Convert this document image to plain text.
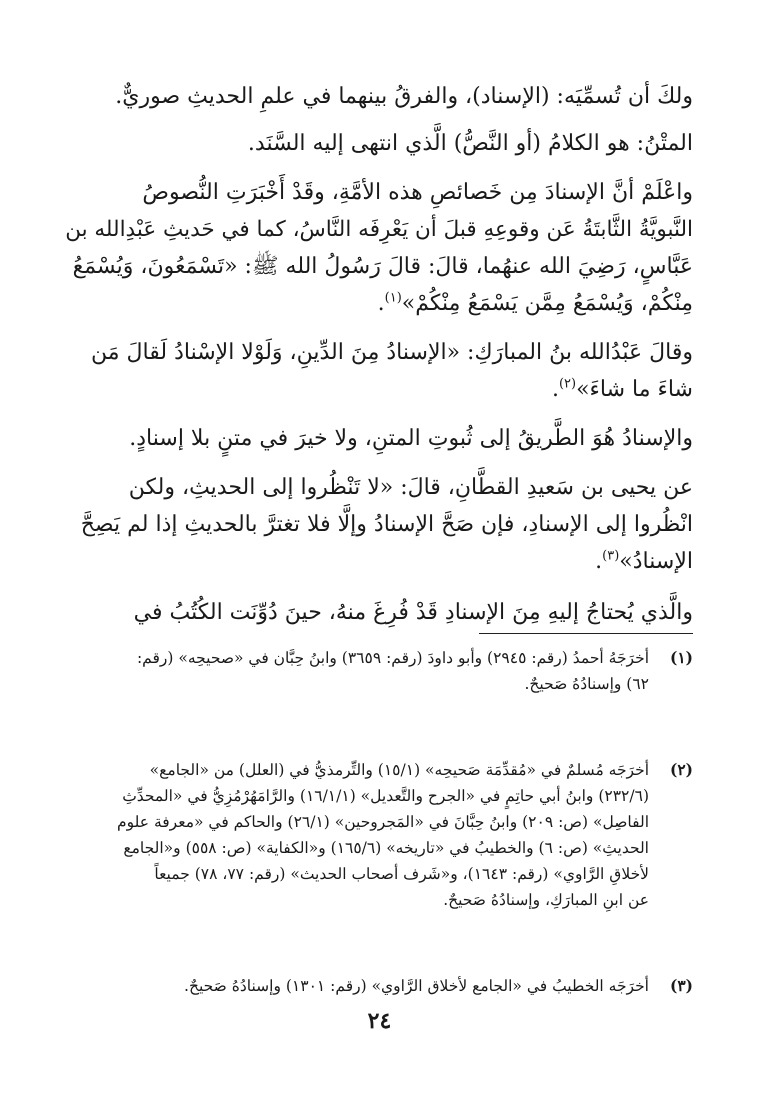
ولكَ أن تُسمِّيَه: (الإسناد)، والفرقُ بينهما في علمِ الحديثِ صوريٌّ.

المتْنُ: هو الكلامُ (أو النَّصُّ) الَّذي انتهى إليه السَّنَد.

واعْلَمْ أنَّ الإسنادَ مِن خَصائصِ هذه الأمَّةِ، وقَدْ أَخْبَرَتِ النُّصوصُ
النَّبويَّةُ الثَّابتَةُ عَن وقوعِهِ قبلَ أن يَعْرِفَه النَّاسُ، كما في حَديثِ عَبْدِالله بن
عَبَّاسٍ، رَضِيَ الله عنهُما، قالَ: قالَ رَسُولُ الله ﷺ: «تَسْمَعُونَ، وَيُسْمَعُ
مِنْكُمْ، وَيُسْمَعُ مِمَّن يَسْمَعُ مِنْكُمْ»$^{(١)}$.

وقالَ عَبْدُالله بنُ المبارَكِ: «الإسنادُ مِنَ الدِّينِ، وَلَوْلا الإسْنادُ لَقالَ مَن
شاءَ ما شاءَ»$^{(٢)}$.

والإسنادُ هُوَ الطَّريقُ إلى ثُبوتِ المتنِ، ولا خيرَ في متنٍ بلا إسنادٍ.

عن يحيى بن سَعيدِ القطَّانِ، قالَ: «لا تَنْظُروا إلى الحديثِ، ولكن
انْظُروا إلى الإسنادِ، فإن صَحَّ الإسنادُ وإلَّا فلا تغترَّ بالحديثِ إذا لم يَصِحَّ
الإسنادُ»$^{(٣)}$.

والَّذي يُحتاجُ إليهِ مِنَ الإسنادِ قَدْ فُرِغَ منهُ، حينَ دُوِّنَت الكُتُبُ في

(١)
أخرَجَهُ أحمدُ (رقم: ٢٩٤٥) وأبو داودَ (رقم: ٣٦٥٩) وابنُ حِبَّان في «صحيحِه» (رقم:
٦٢) وإسنادُهُ صَحيحٌ.
(٢)
أخرَجَه مُسلمٌ في «مُقدِّمَة صَحيحِه» (١٥/١) والتِّرمذيُّ في (العلل) من «الجامع»
(٢٣٢/٦) وابنُ أبي حاتِمٍ في «الجرح والتَّعديل» (١٦/١/١) والرَّامَهُرْمُزِيُّ في «المحدِّثِ
الفاصِل» (ص: ٢٠٩) وابنُ حِبَّانَ في «المَجروحين» (٢٦/١) والحاكم في «معرفة علوم
الحديثِ» (ص: ٦) والخطيبُ في «تاريخه» (١٦٥/٦) و«الكفاية» (ص: ٥٥٨) و«الجامع
لأخلاقِ الرَّاوي» (رقم: ١٦٤٣)، و«شَرف أصحاب الحديث» (رقم: ٧٧، ٧٨) جميعاً
عن ابنِ المبارَكِ، وإسنادُهُ صَحيحٌ.
(٣)
أخرَجَه الخطيبُ في «الجامع لأخلاق الرَّاوي» (رقم: ١٣٠١) وإسنادُهُ صَحيحٌ.
٢٤
